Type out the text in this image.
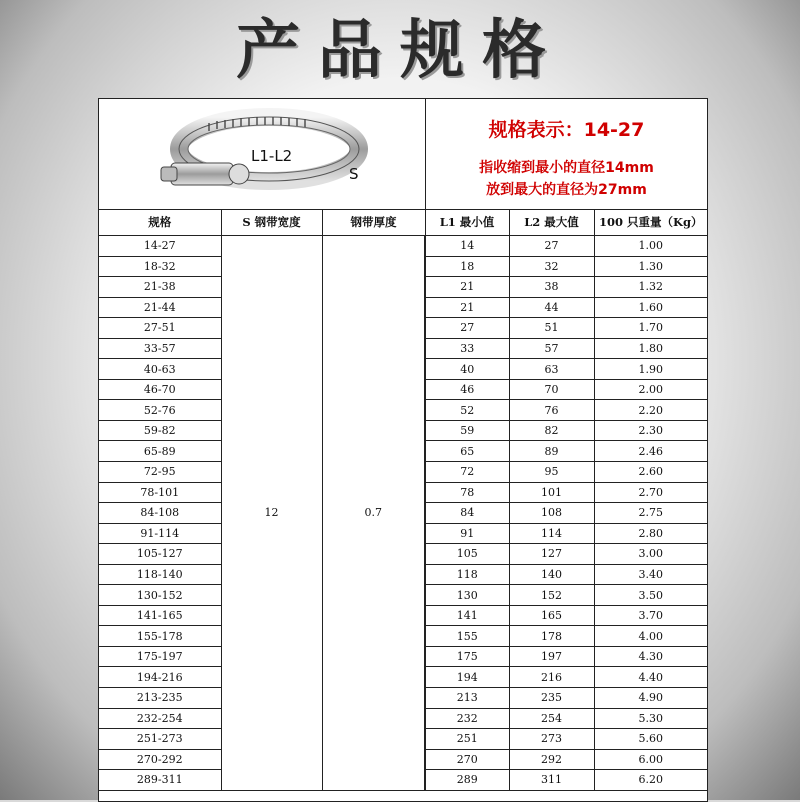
产品规格
L1-L2
S
规格表示：14-27
指收缩到最小的直径14mm
放到最大的直径为27mm
规格	S 钢带宽度	钢带厚度	L1 最小值	L2 最大值	100 只重量（Kg）
14-27	12	0.7	14	27	1.00
18-32			18	32	1.30
21-38			21	38	1.32
21-44			21	44	1.60
27-51			27	51	1.70
33-57			33	57	1.80
40-63			40	63	1.90
46-70			46	70	2.00
52-76			52	76	2.20
59-82			59	82	2.30
65-89			65	89	2.46
72-95			72	95	2.60
78-101			78	101	2.70
84-108			84	108	2.75
91-114			91	114	2.80
105-127			105	127	3.00
118-140			118	140	3.40
130-152			130	152	3.50
141-165			141	165	3.70
155-178			155	178	4.00
175-197			175	197	4.30
194-216			194	216	4.40
213-235			213	235	4.90
232-254			232	254	5.30
251-273			251	273	5.60
270-292			270	292	6.00
289-311			289	311	6.20
